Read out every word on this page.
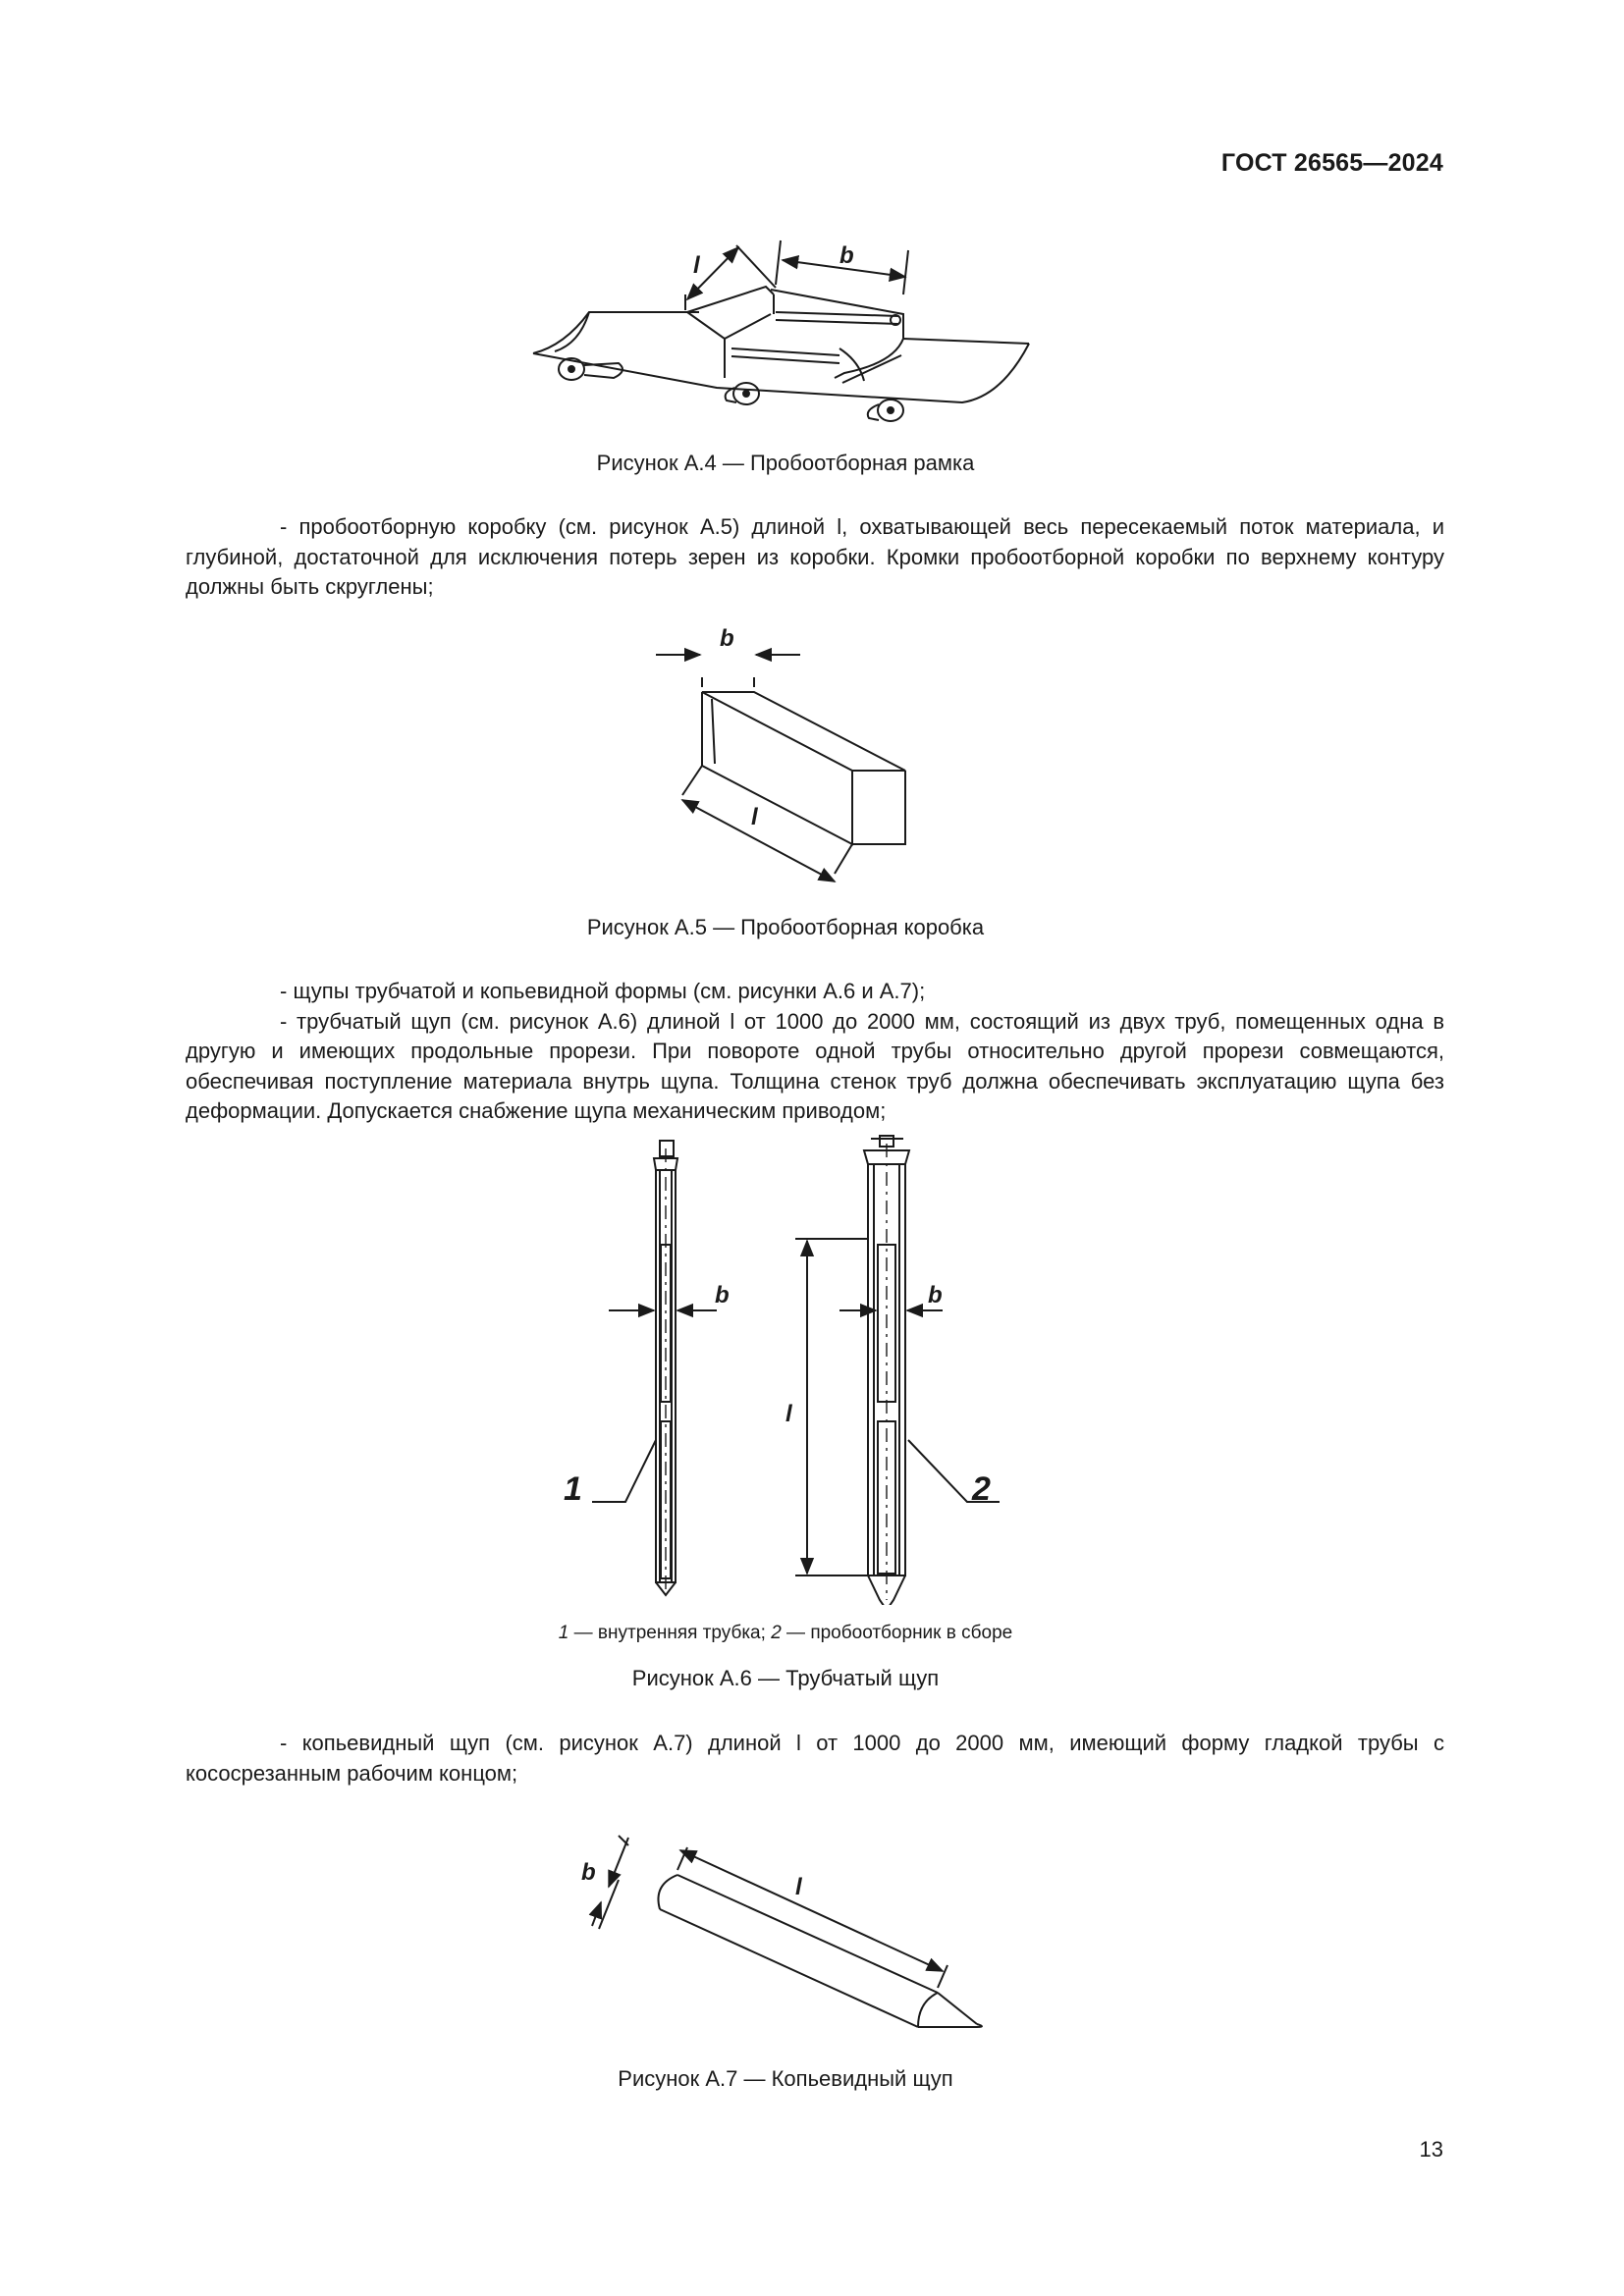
ГОСТ 26565—2024
l	b
Рисунок А.4 — Пробоотборная рамка

- пробоотборную коробку (см. рисунок А.5) длиной l, охватывающей весь пересекаемый поток материала, и глубиной, достаточной для исключения потерь зерен из коробки. Кромки пробоотборной коробки по верхнему контуру должны быть скруглены;

b
l
Рисунок А.5 — Пробоотборная коробка

- щупы трубчатой и копьевидной формы (см. рисунки А.6 и А.7);

- трубчатый щуп (см. рисунок А.6) длиной l от 1000 до 2000 мм, состоящий из двух труб, помещенных одна в другую и имеющих продольные прорези. При повороте одной трубы относительно другой прорези совмещаются, обеспечивая поступление материала внутрь щупа. Толщина стенок труб должна обеспечивать эксплуатацию щупа без деформации. Допускается снабжение щупа механическим приводом;

b	b
l
1	2
1 — внутренняя трубка; 2 — пробоотборник в сборе
Рисунок А.6 — Трубчатый щуп

- копьевидный щуп (см. рисунок А.7) длиной l от 1000 до 2000 мм, имеющий форму гладкой трубы с кососрезанным рабочим концом;

b
l
Рисунок А.7 — Копьевидный щуп
13
